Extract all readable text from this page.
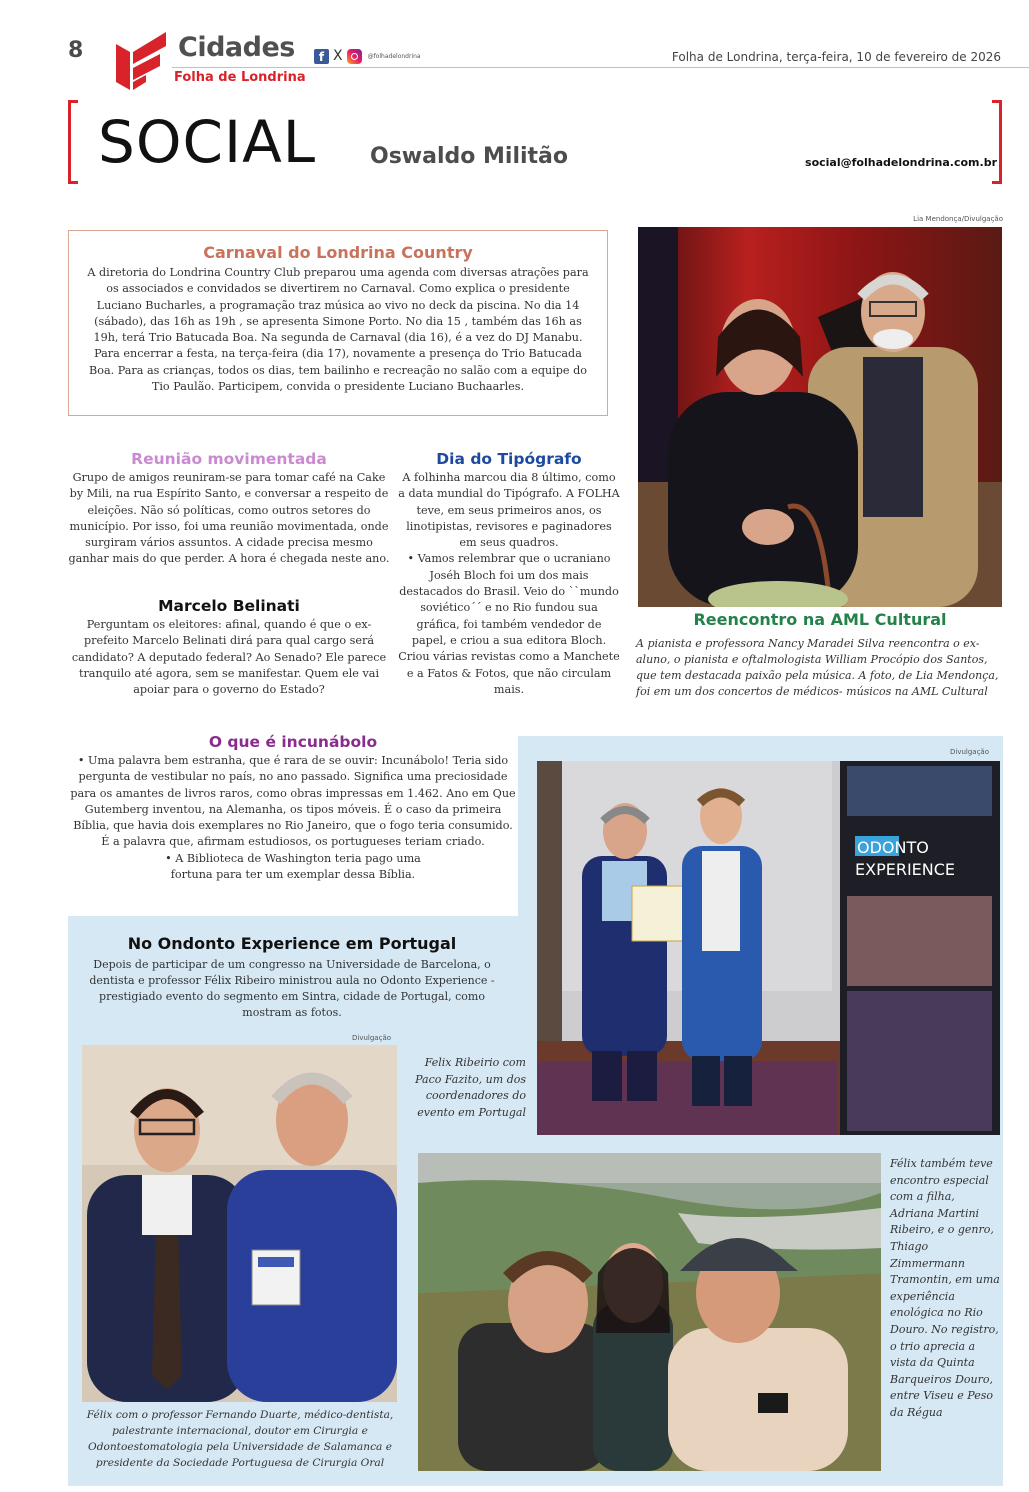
8	Cidades	f X	@folhadelondrina
Folha de Londrina
Folha de Londrina, terça-feira, 10 de fevereiro de 2026
SOCIAL Oswaldo Militão	social@folhadelondrina.com.br
Carnaval do Londrina Country
A diretoria do Londrina Country Club preparou uma agenda com diversas atrações para os associados e convidados se divertirem no Carnaval. Como explica o presidente Luciano Bucharles, a programação traz música ao vivo no deck da piscina. No dia 14 (sábado), das 16h as 19h , se apresenta Simone Porto. No dia 15 , também das 16h as 19h, terá Trio Batucada Boa. Na segunda de Carnaval (dia 16), é a vez do DJ Manabu. Para encerrar a festa, na terça-feira (dia 17), novamente a presença do Trio Batucada Boa. Para as crianças, todos os dias, tem bailinho e recreação no salão com a equipe do Tio Paulão. Participem, convida o presidente Luciano Buchaarles.
Reunião movimentada
Grupo de amigos reuniram-se para tomar café na Cake by Mili, na rua Espírito Santo, e conversar a respeito de eleições. Não só políticas, como outros setores do município. Por isso, foi uma reunião movimentada, onde surgiram vários assuntos. A cidade precisa mesmo ganhar mais do que perder. A hora é chegada neste ano.
Marcelo Belinati
Perguntam os eleitores: afinal, quando é que o ex-prefeito Marcelo Belinati dirá para qual cargo será candidato? A deputado federal? Ao Senado? Ele parece tranquilo até agora, sem se manifestar. Quem ele vai apoiar para o governo do Estado?
Dia do Tipógrafo
A folhinha marcou dia 8 último, como a data mundial do Tipógrafo. A FOLHA teve, em seus primeiros anos, os linotipistas, revisores e paginadores em seus quadros.
• Vamos relembrar que o ucraniano Joséh Bloch foi um dos mais destacados do Brasil. Veio do ``mundo soviético´´ e no Rio fundou sua gráfica, foi também vendedor de papel, e criou a sua editora Bloch. Criou várias revistas como a Manchete e a Fatos & Fotos, que não circulam mais.
Lia Mendonça/Divulgação
Reencontro na AML Cultural
A pianista e professora Nancy Maradei Silva reencontra o ex-aluno, o pianista e oftalmologista William Procópio dos Santos, que tem destacada paixão pela música. A foto, de Lia Mendonça, foi em um dos concertos de médicos- músicos na AML Cultural
O que é incunábolo
• Uma palavra bem estranha, que é rara de se ouvir: Incunábolo! Teria sido pergunta de vestibular no país, no ano passado. Significa uma preciosidade para os amantes de livros raros, como obras impressas em 1.462. Ano em Que Gutemberg inventou, na Alemanha, os tipos móveis. É o caso da primeira Bíblia, que havia dois exemplares no Rio Janeiro, que o fogo teria consumido. É a palavra que, afirmam estudiosos, os portugueses teriam criado.
• A Biblioteca de Washington teria pago uma fortuna para ter um exemplar dessa Bíblia.
Divulgação
ODONTO
EXPERIENCE
No Ondonto Experience em Portugal
Depois de participar de um congresso na Universidade de Barcelona, o dentista e professor Félix Ribeiro ministrou aula no Odonto Experience - prestigiado evento do segmento em Sintra, cidade de Portugal, como mostram as fotos.
Felix Ribeirio com Paco Fazito, um dos coordenadores do evento em Portugal
Divulgação
Félix com o professor Fernando Duarte, médico-dentista, palestrante internacional, doutor em Cirurgia e Odontoestomatologia pela Universidade de Salamanca e presidente da Sociedade Portuguesa de Cirurgia Oral
Félix também teve encontro especial com a filha, Adriana Martini Ribeiro, e o genro, Thiago Zimmermann Tramontin, em uma experiência enológica no Rio Douro. No registro, o trio aprecia a vista da Quinta Barqueiros Douro, entre Viseu e Peso da Régua
